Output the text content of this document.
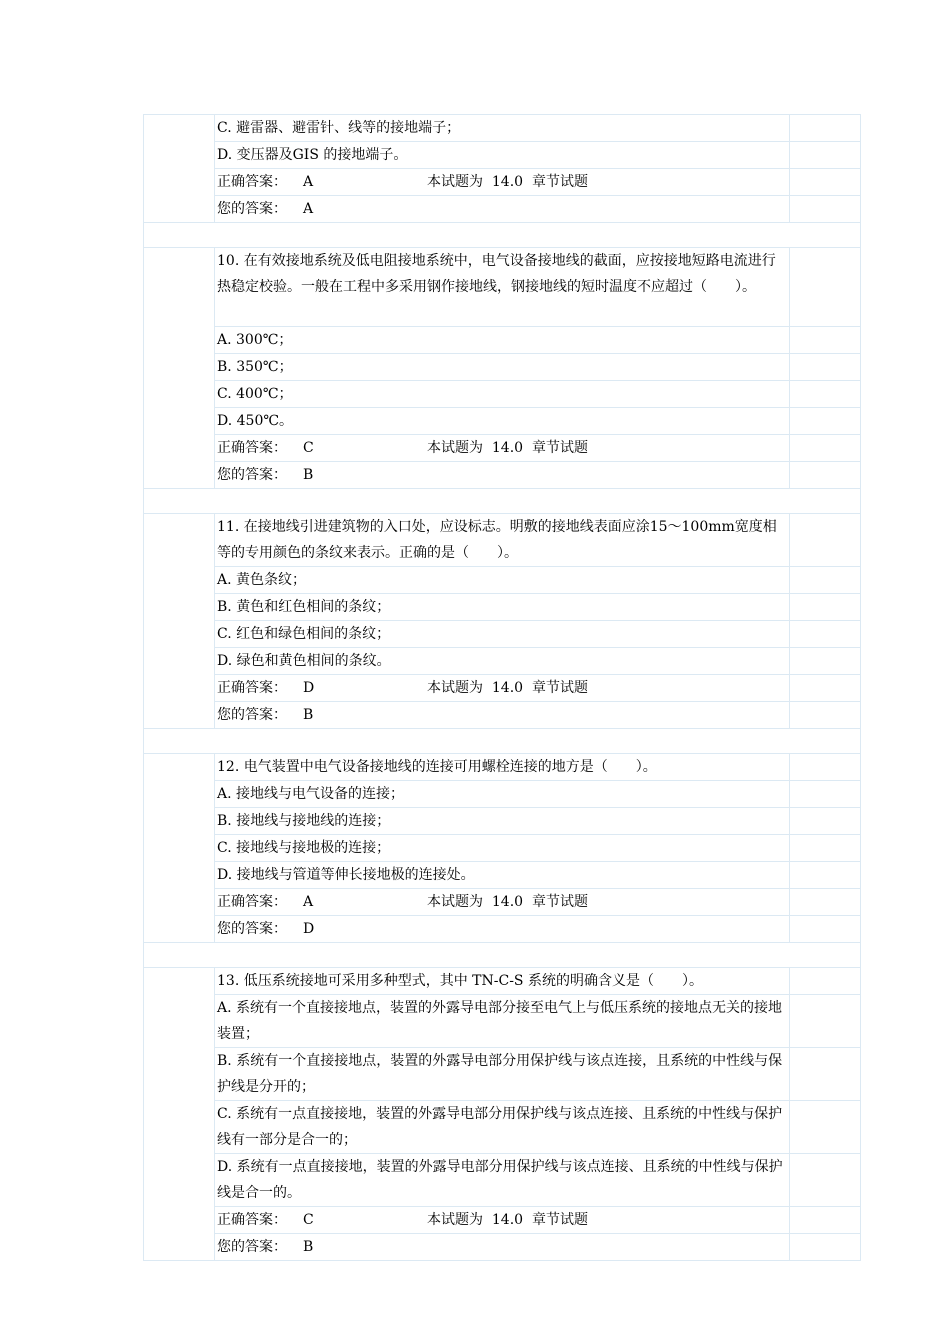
	C. 避雷器、避雷针、线等的接地端子；	
	D. 变压器及GIS 的接地端子。	

	正确答案： A 本试题为  14.0  章节试题	

	您的答案： A	

	10. 在有效接地系统及低电阻接地系统中，电气设备接地线的截面，应按接地短路电流进行热稳定校验。一般在工程中多采用钢作接地线，钢接地线的短时温度不应超过（　　）。	
	A. 300℃；	
	B. 350℃；	
	C. 400℃；	
	D. 450℃。	

	正确答案： C 本试题为  14.0  章节试题	

	您的答案： B	

	11. 在接地线引进建筑物的入口处，应设标志。明敷的接地线表面应涂15～100mm宽度相等的专用颜色的条纹来表示。正确的是（　　）。	
	A. 黄色条纹；	
	B. 黄色和红色相间的条纹；	
	C. 红色和绿色相间的条纹；	
	D. 绿色和黄色相间的条纹。	

	正确答案： D 本试题为  14.0  章节试题	

	您的答案： B	

	12. 电气装置中电气设备接地线的连接可用螺栓连接的地方是（　　）。	
	A. 接地线与电气设备的连接；	
	B. 接地线与接地线的连接；	
	C. 接地线与接地极的连接；	
	D. 接地线与管道等伸长接地极的连接处。	

	正确答案： A 本试题为  14.0  章节试题	

	您的答案： D	

	13. 低压系统接地可采用多种型式，其中 TN-C-S 系统的明确含义是（　　）。	
	A. 系统有一个直接接地点，装置的外露导电部分接至电气上与低压系统的接地点无关的接地装置；	
	B. 系统有一个直接接地点，装置的外露导电部分用保护线与该点连接，且系统的中性线与保护线是分开的；	
	C. 系统有一点直接接地，装置的外露导电部分用保护线与该点连接、且系统的中性线与保护线有一部分是合一的；	
	D. 系统有一点直接接地，装置的外露导电部分用保护线与该点连接、且系统的中性线与保护线是合一的。	

	正确答案： C 本试题为  14.0  章节试题	

	您的答案： B	
